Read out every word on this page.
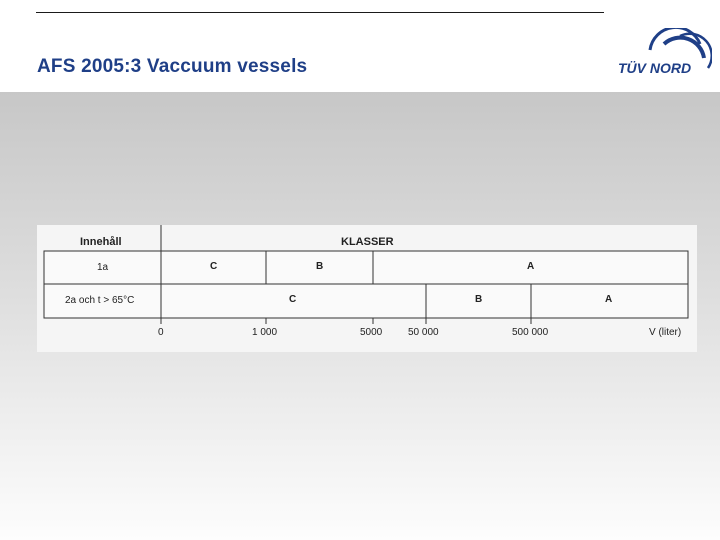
AFS 2005:3 Vaccuum vessels	TÜV NORD
Innehåll	KLASSER
1a	C	B	A
2a och t > 65°C	C	B	A
0	1 000	5000	50 000	500 000	V (liter)
